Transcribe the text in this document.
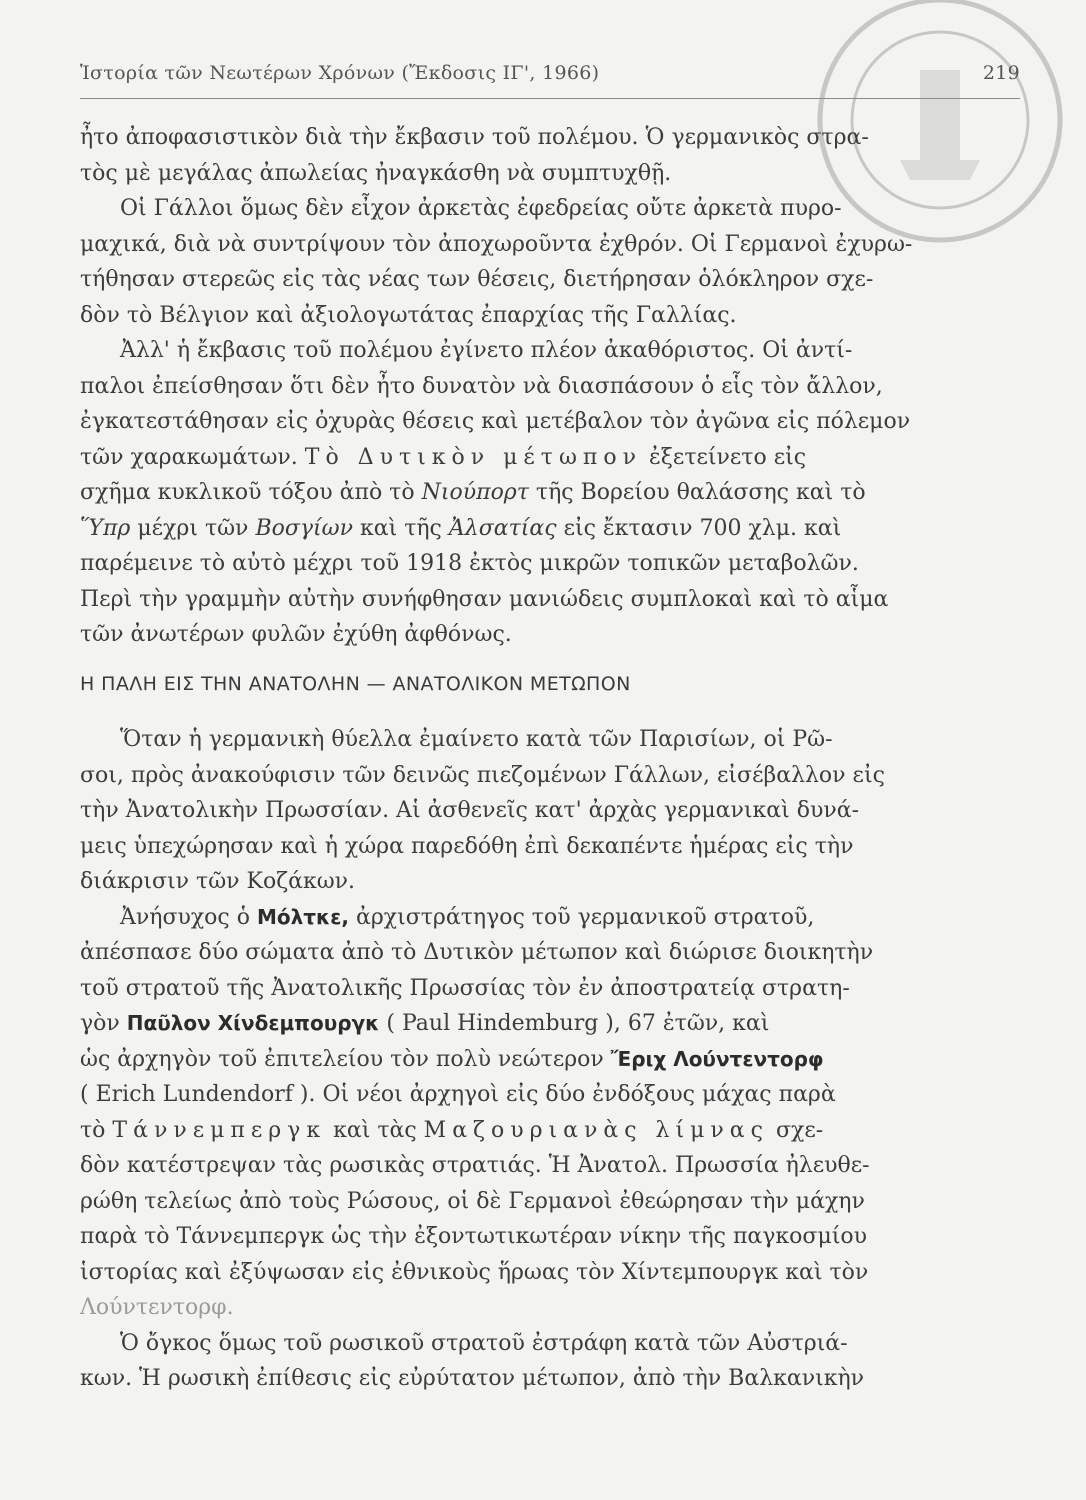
Ἱστορία τῶν Νεωτέρων Χρόνων (Ἔκδοσις ΙΓ', 1966)	219
ἦτο ἀποφασιστικὸν διὰ τὴν ἔκβασιν τοῦ πολέμου. Ὁ γερμανικὸς στρα-
τὸς μὲ μεγάλας ἀπωλείας ἠναγκάσθη νὰ συμπτυχθῇ.
Οἱ Γάλλοι ὅμως δὲν εἶχον ἀρκετὰς ἐφεδρείας οὔτε ἀρκετὰ πυρο-
μαχικά, διὰ νὰ συντρίψουν τὸν ἀποχωροῦντα ἐχθρόν. Οἱ Γερμανοὶ ἐχυρω-
τήθησαν στερεῶς εἰς τὰς νέας των θέσεις, διετήρησαν ὁλόκληρον σχε-
δὸν τὸ Βέλγιον καὶ ἀξιολογωτάτας ἐπαρχίας τῆς Γαλλίας.
Ἀλλ' ἡ ἔκβασις τοῦ πολέμου ἐγίνετο πλέον ἀκαθόριστος. Οἱ ἀντί-
παλοι ἐπείσθησαν ὅτι δὲν ἦτο δυνατὸν νὰ διασπάσουν ὁ εἷς τὸν ἄλλον,
ἐγκατεστάθησαν εἰς ὀχυρὰς θέσεις καὶ μετέβαλον τὸν ἀγῶνα εἰς πόλεμον
τῶν χαρακωμάτων. Τὸ Δυτικὸν μέτωπον ἐξετείνετο εἰς
σχῆμα κυκλικοῦ τόξου ἀπὸ τὸ Νιούπορτ τῆς Βορείου θαλάσσης καὶ τὸ
Ὕπρ μέχρι τῶν Βοσγίων καὶ τῆς Ἀλσατίας εἰς ἔκτασιν 700 χλμ. καὶ
παρέμεινε τὸ αὐτὸ μέχρι τοῦ 1918 ἐκτὸς μικρῶν τοπικῶν μεταβολῶν.
Περὶ τὴν γραμμὴν αὐτὴν συνήφθησαν μανιώδεις συμπλοκαὶ καὶ τὸ αἷμα
τῶν ἀνωτέρων φυλῶν ἐχύθη ἀφθόνως.
Η ΠΑΛΗ ΕΙΣ ΤΗΝ ΑΝΑΤΟΛΗΝ — ΑΝΑΤΟΛΙΚΟΝ ΜΕΤΩΠΟΝ
Ὅταν ἡ γερμανικὴ θύελλα ἐμαίνετο κατὰ τῶν Παρισίων, οἱ Ρῶ-
σοι, πρὸς ἀνακούφισιν τῶν δεινῶς πιεζομένων Γάλλων, εἰσέβαλλον εἰς
τὴν Ἀνατολικὴν Πρωσσίαν. Αἱ ἀσθενεῖς κατ' ἀρχὰς γερμανικαὶ δυνά-
μεις ὑπεχώρησαν καὶ ἡ χώρα παρεδόθη ἐπὶ δεκαπέντε ἡμέρας εἰς τὴν
διάκρισιν τῶν Κοζάκων.
Ἀνήσυχος ὁ Μόλτκε, ἀρχιστράτηγος τοῦ γερμανικοῦ στρατοῦ,
ἀπέσπασε δύο σώματα ἀπὸ τὸ Δυτικὸν μέτωπον καὶ διώρισε διοικητὴν
τοῦ στρατοῦ τῆς Ἀνατολικῆς Πρωσσίας τὸν ἐν ἀποστρατείᾳ στρατη-
γὸν Παῦλον Χίνδεμπουργκ ( Paul Hindemburg ), 67 ἐτῶν, καὶ
ὡς ἀρχηγὸν τοῦ ἐπιτελείου τὸν πολὺ νεώτερον Ἔριχ Λούντεντορφ
( Erich Lundendorf ). Οἱ νέοι ἀρχηγοὶ εἰς δύο ἐνδόξους μάχας παρὰ
τὸ Τάννεμπεργκ καὶ τὰς Μαζουριανὰς λίμνας σχε-
δὸν κατέστρεψαν τὰς ρωσικὰς στρατιάς. Ἡ Ἀνατολ. Πρωσσία ἠλευθε-
ρώθη τελείως ἀπὸ τοὺς Ρώσους, οἱ δὲ Γερμανοὶ ἐθεώρησαν τὴν μάχην
παρὰ τὸ Τάννεμπεργκ ὡς τὴν ἐξοντωτικωτέραν νίκην τῆς παγκοσμίου
ἱστορίας καὶ ἐξύψωσαν εἰς ἐθνικοὺς ἥρωας τὸν Χίντεμπουργκ καὶ τὸν
Λούντεντορφ.
Ὁ ὄγκος ὅμως τοῦ ρωσικοῦ στρατοῦ ἐστράφη κατὰ τῶν Αὐστριά-
κων. Ἡ ρωσικὴ ἐπίθεσις εἰς εὐρύτατον μέτωπον, ἀπὸ τὴν Βαλκανικὴν
